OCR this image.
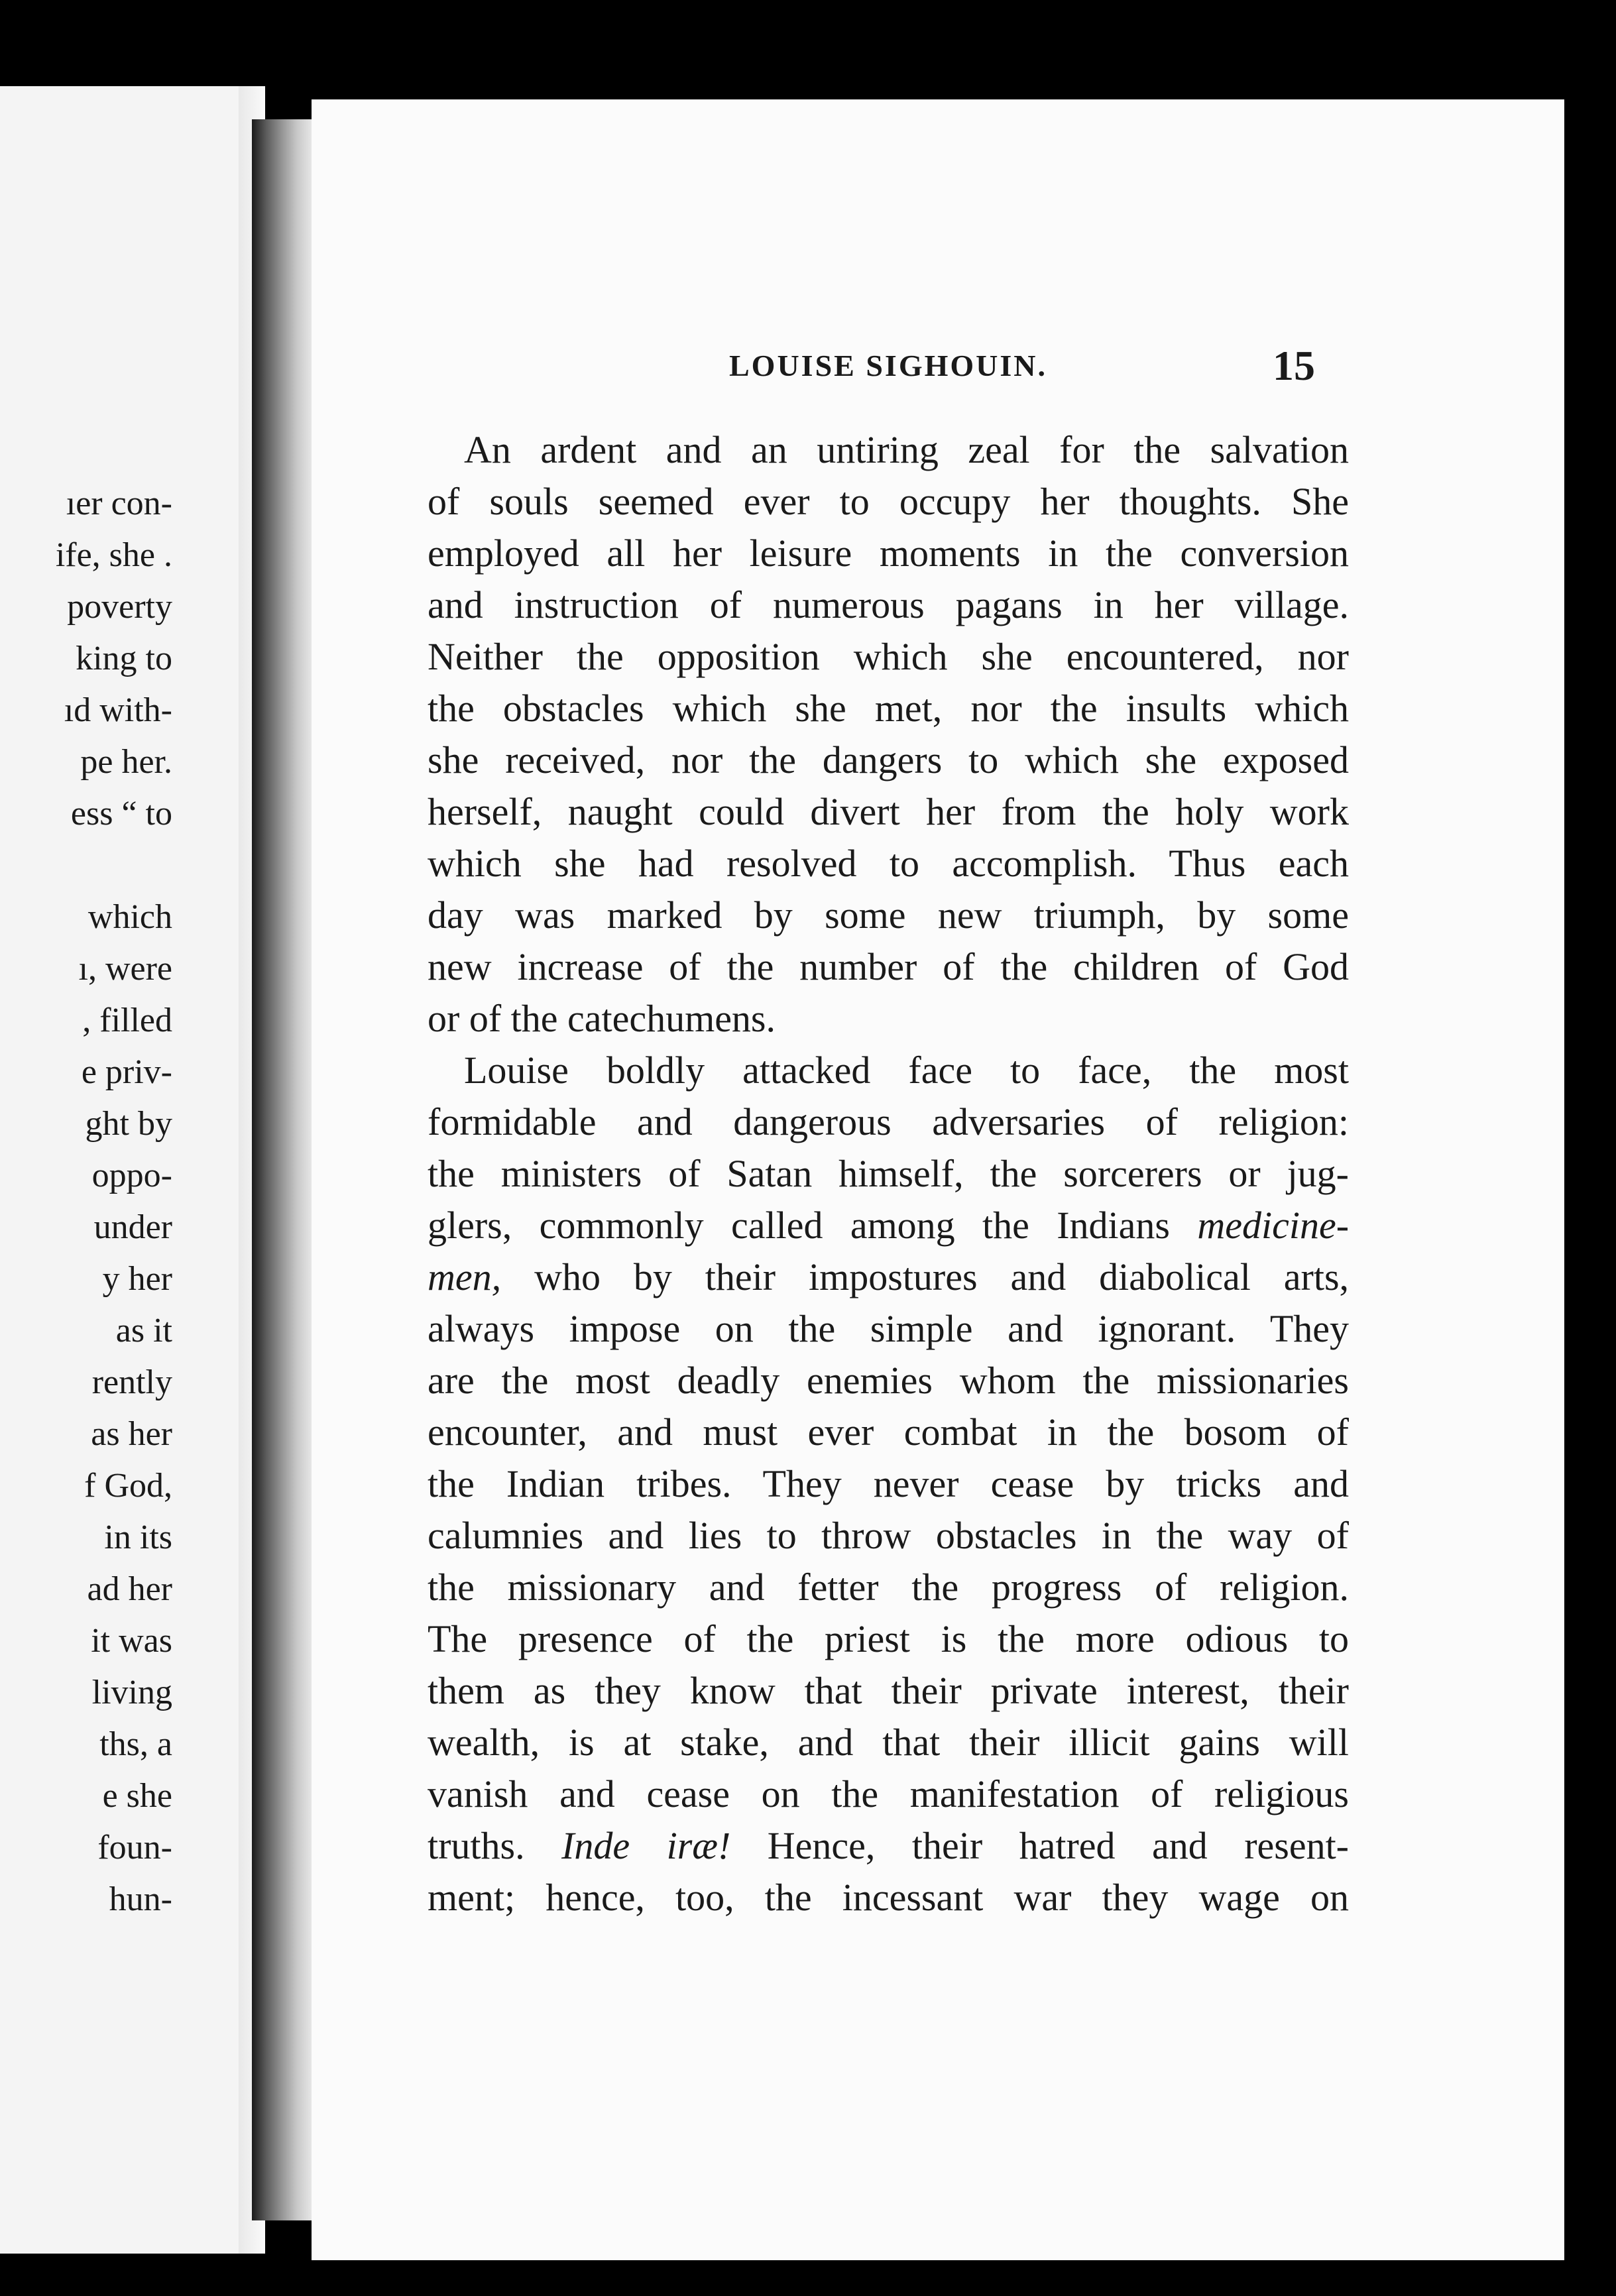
ıer con-
ife, she .
poverty
king to
ıd with-
pe her.
ess “ to
which
ı, were
, filled
e priv-
ght by
oppo-
under
y her
as it
rently
as her
f God,
in its
ad her
it was
living
ths, a
e she
foun-
hun-
LOUISE SIGHOUIN.	15
An ardent and an untiring zeal for the salvation
of souls seemed ever to occupy her thoughts. She
employed all her leisure moments in the conversion
and instruction of numerous pagans in her village.
Neither the opposition which she encountered, nor
the obstacles which she met, nor the insults which
she received, nor the dangers to which she exposed
herself, naught could divert her from the holy work
which she had resolved to accomplish. Thus each
day was marked by some new triumph, by some
new increase of the number of the children of God
or of the catechumens.
Louise boldly attacked face to face, the most
formidable and dangerous adversaries of religion:
the ministers of Satan himself, the sorcerers or jug-
glers, commonly called among the Indians medicine-
men, who by their impostures and diabolical arts,
always impose on the simple and ignorant. They
are the most deadly enemies whom the missionaries
encounter, and must ever combat in the bosom of
the Indian tribes. They never cease by tricks and
calumnies and lies to throw obstacles in the way of
the missionary and fetter the progress of religion.
The presence of the priest is the more odious to
them as they know that their private interest, their
wealth, is at stake, and that their illicit gains will
vanish and cease on the manifestation of religious
truths. Inde iræ! Hence, their hatred and resent-
ment; hence, too, the incessant war they wage on
